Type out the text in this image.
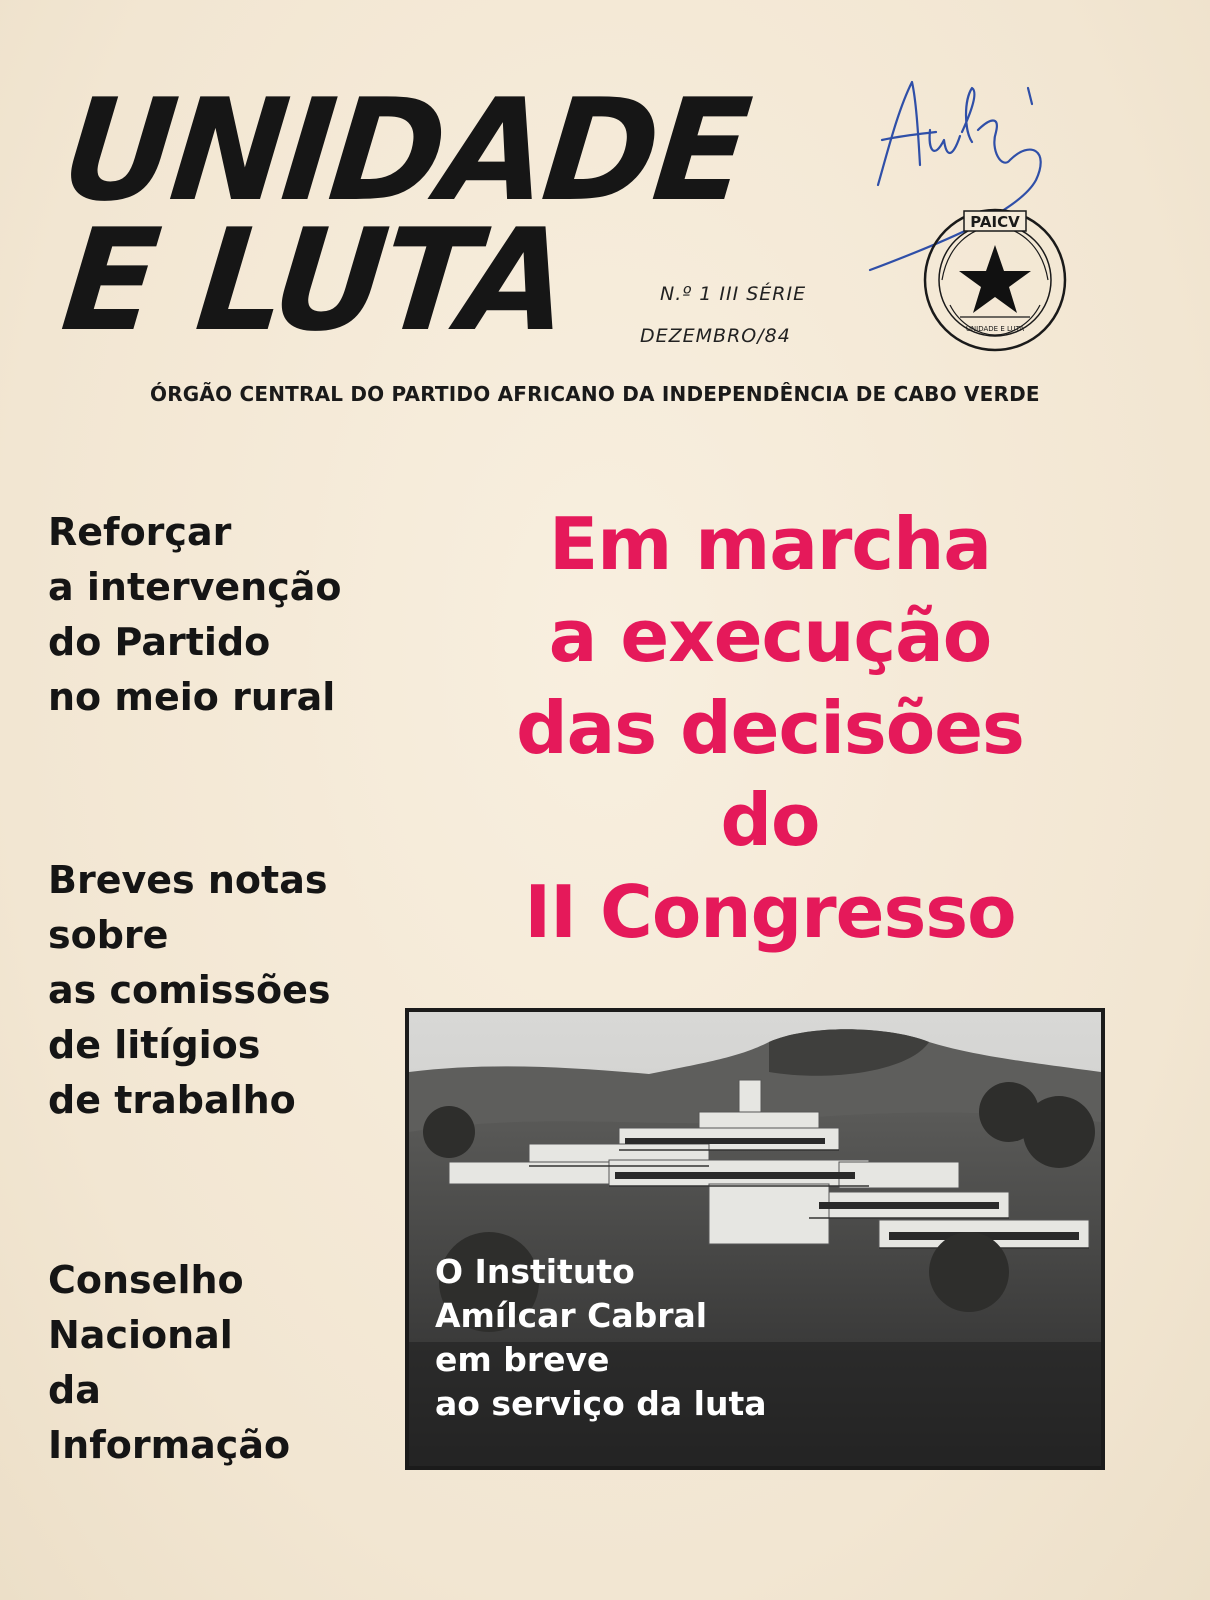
UNIDADE
E LUTA	N.º 1 III SÉRIE
DEZEMBRO/84
PAICV
UNIDADE E LUTA
ÓRGÃO CENTRAL DO PARTIDO AFRICANO DA INDEPENDÊNCIA DE CABO VERDE
Reforçar
a intervenção
do Partido
no meio rural
Breves notas
sobre
as comissões
de litígios
de trabalho
Conselho
Nacional
da
Informação
Em marcha
a execução
das decisões
do
II Congresso
O Instituto
Amílcar Cabral
em breve
ao serviço da luta
